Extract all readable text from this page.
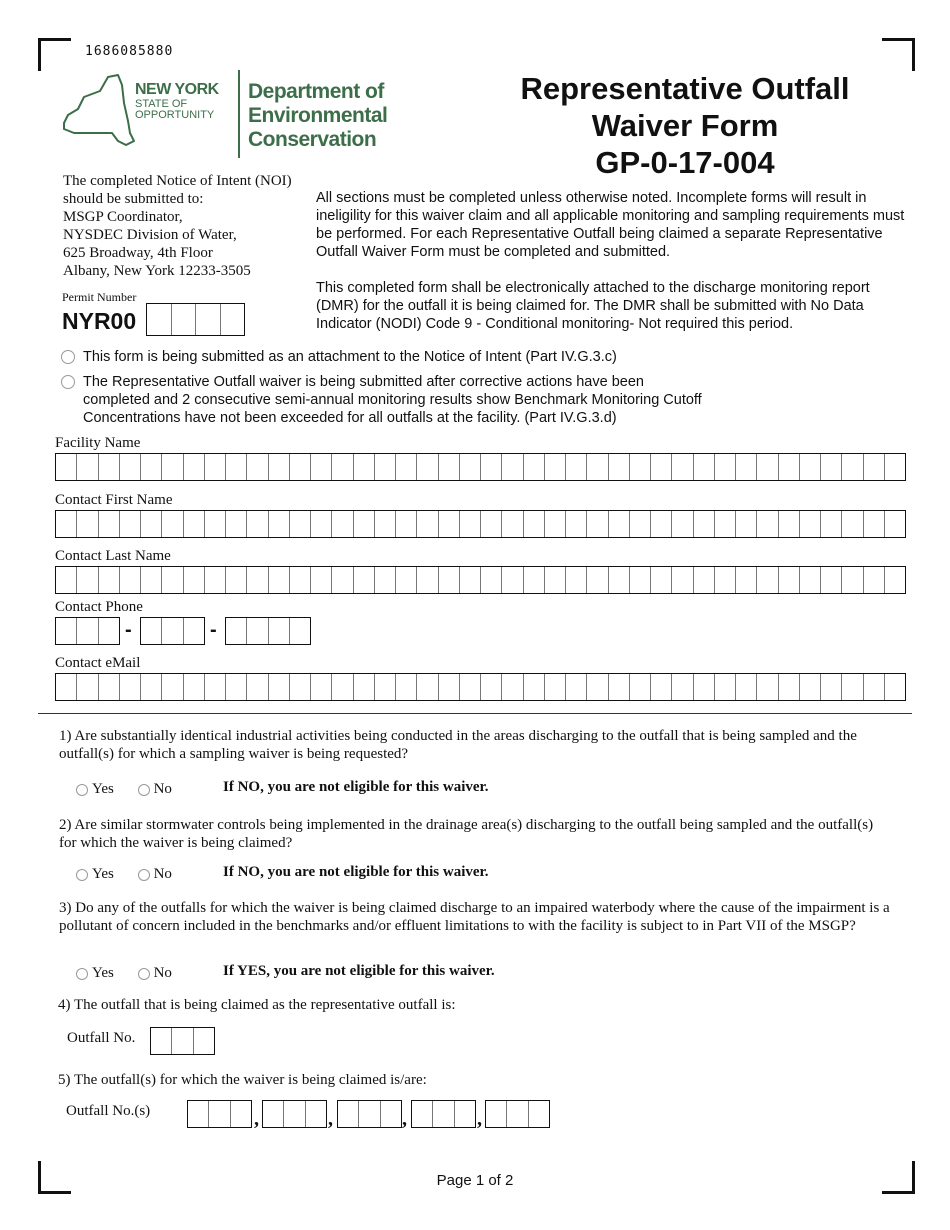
1686085880
NEW YORK
STATE OF
OPPORTUNITY
Department of
Environmental
Conservation
Representative Outfall
Waiver Form
GP-0-17-004
The completed Notice of Intent (NOI)
should be submitted to:
MSGP Coordinator,
NYSDEC Division of Water,
625 Broadway, 4th Floor
Albany, New York 12233-3505
All sections must be completed unless otherwise noted. Incomplete forms will result in ineligility for this waiver claim and all applicable monitoring and sampling requirements must be performed. For each Representative Outfall being claimed a separate Representative Outfall Waiver Form must be completed and submitted.
This completed form shall be electronically attached to the discharge monitoring report (DMR) for the outfall it is being claimed for. The DMR shall be submitted with No Data Indicator (NODI) Code 9 - Conditional monitoring- Not required this period.
Permit Number
NYR00
This form is being submitted as an attachment to the Notice of Intent (Part IV.G.3.c)
The Representative Outfall waiver is being submitted after corrective actions have been completed and 2 consecutive semi-annual monitoring results show Benchmark Monitoring Cutoff Concentrations have not been exceeded for all outfalls at the facility. (Part IV.G.3.d)
Facility Name
Contact First Name
Contact Last Name
Contact Phone
-	-
Contact eMail
1) Are substantially identical industrial activities being conducted in the areas discharging to the outfall that is being sampled and the outfall(s) for which a sampling waiver is being requested?
Yes	No	If NO, you are not eligible for this waiver.
2) Are similar stormwater controls being implemented in the drainage area(s) discharging to the outfall being sampled and the outfall(s) for which the waiver is being claimed?
Yes	No	If NO, you are not eligible for this waiver.
3) Do any of the outfalls for which the waiver is being claimed discharge to an impaired waterbody where the cause of the impairment is a pollutant of concern included in the benchmarks and/or effluent limitations to with the facility is subject to in Part VII of the MSGP?
Yes	No	If YES, you are not eligible for this waiver.
4) The outfall that is being claimed as the representative outfall is:
Outfall No.
5) The outfall(s) for which the waiver is being claimed is/are:
Outfall No.(s)	,	,	,	,
Page 1 of 2
